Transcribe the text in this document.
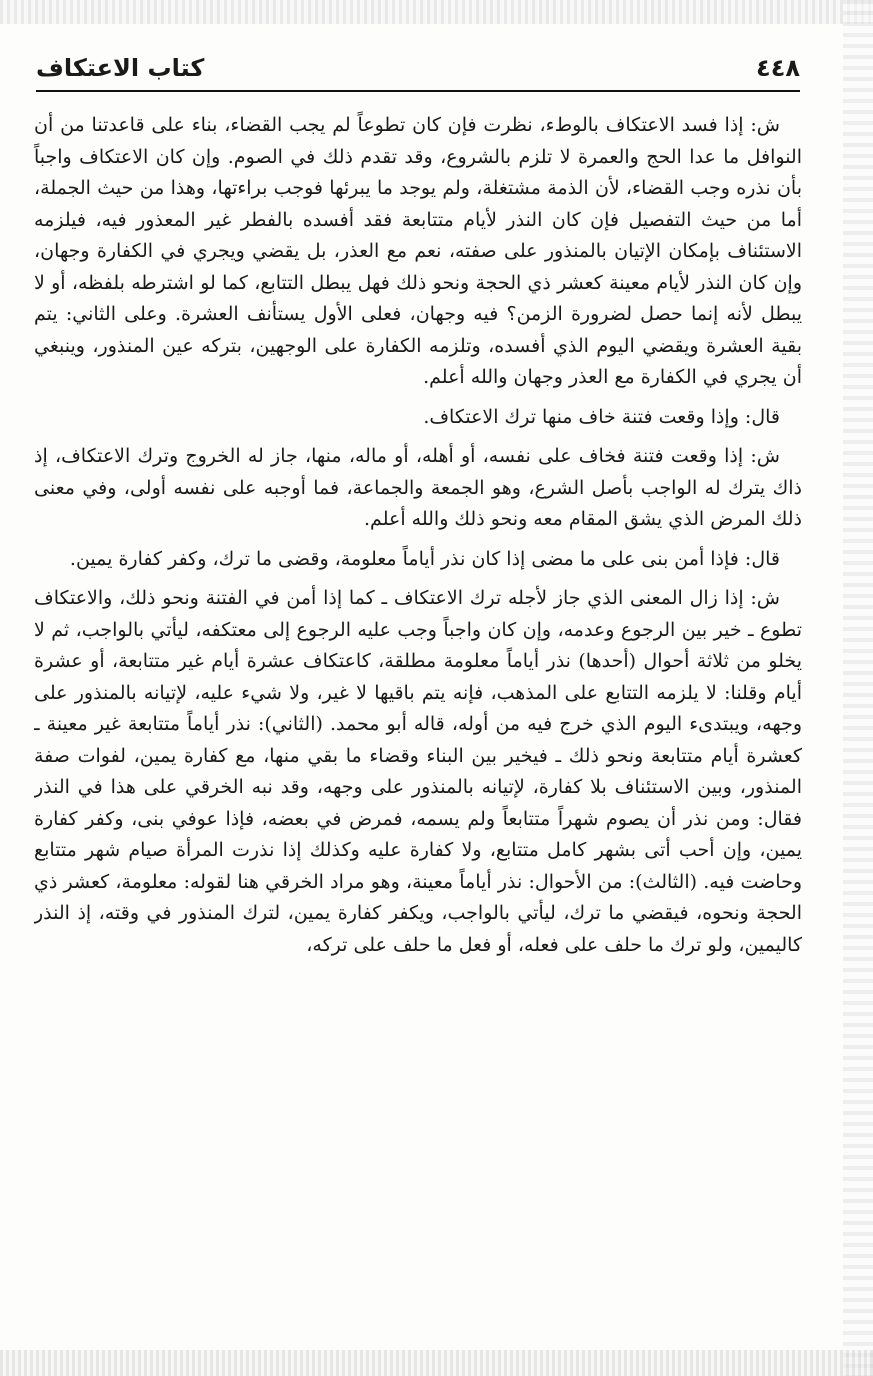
٤٤٨
كتاب الاعتكاف

ش: إذا فسد الاعتكاف بالوطء، نظرت فإن كان تطوعاً لم يجب القضاء، بناء على قاعدتنا من أن النوافل ما عدا الحج والعمرة لا تلزم بالشروع، وقد تقدم ذلك في الصوم. وإن كان الاعتكاف واجباً بأن نذره وجب القضاء، لأن الذمة مشتغلة، ولم يوجد ما يبرئها فوجب براءتها، وهذا من حيث الجملة، أما من حيث التفصيل فإن كان النذر لأيام متتابعة فقد أفسده بالفطر غير المعذور فيه، فيلزمه الاستئناف بإمكان الإتيان بالمنذور على صفته، نعم مع العذر، بل يقضي ويجري في الكفارة وجهان، وإن كان النذر لأيام معينة كعشر ذي الحجة ونحو ذلك فهل يبطل التتابع، كما لو اشترطه بلفظه، أو لا يبطل لأنه إنما حصل لضرورة الزمن؟ فيه وجهان، فعلى الأول يستأنف العشرة. وعلى الثاني: يتم بقية العشرة ويقضي اليوم الذي أفسده، وتلزمه الكفارة على الوجهين، بتركه عين المنذور، وينبغي أن يجري في الكفارة مع العذر وجهان والله أعلم.

قال: وإذا وقعت فتنة خاف منها ترك الاعتكاف.

ش: إذا وقعت فتنة فخاف على نفسه، أو أهله، أو ماله، منها، جاز له الخروج وترك الاعتكاف، إذ ذاك يترك له الواجب بأصل الشرع، وهو الجمعة والجماعة، فما أوجبه على نفسه أولى، وفي معنى ذلك المرض الذي يشق المقام معه ونحو ذلك والله أعلم.

قال: فإذا أمن بنى على ما مضى إذا كان نذر أياماً معلومة، وقضى ما ترك، وكفر كفارة يمين.

ش: إذا زال المعنى الذي جاز لأجله ترك الاعتكاف ـ كما إذا أمن في الفتنة ونحو ذلك، والاعتكاف تطوع ـ خير بين الرجوع وعدمه، وإن كان واجباً وجب عليه الرجوع إلى معتكفه، ليأتي بالواجب، ثم لا يخلو من ثلاثة أحوال (أحدها) نذر أياماً معلومة مطلقة، كاعتكاف عشرة أيام غير متتابعة، أو عشرة أيام وقلنا: لا يلزمه التتابع على المذهب، فإنه يتم باقيها لا غير، ولا شيء عليه، لإتيانه بالمنذور على وجهه، ويبتدىء اليوم الذي خرج فيه من أوله، قاله أبو محمد. (الثاني): نذر أياماً متتابعة غير معينة ـ كعشرة أيام متتابعة ونحو ذلك ـ فيخير بين البناء وقضاء ما بقي منها، مع كفارة يمين، لفوات صفة المنذور، وبين الاستئناف بلا كفارة، لإتيانه بالمنذور على وجهه، وقد نبه الخرقي على هذا في النذر فقال: ومن نذر أن يصوم شهراً متتابعاً ولم يسمه، فمرض في بعضه، فإذا عوفي بنى، وكفر كفارة يمين، وإن أحب أتى بشهر كامل متتابع، ولا كفارة عليه وكذلك إذا نذرت المرأة صيام شهر متتابع وحاضت فيه. (الثالث): من الأحوال: نذر أياماً معينة، وهو مراد الخرقي هنا لقوله: معلومة، كعشر ذي الحجة ونحوه، فيقضي ما ترك، ليأتي بالواجب، ويكفر كفارة يمين، لترك المنذور في وقته، إذ النذر كاليمين، ولو ترك ما حلف على فعله، أو فعل ما حلف على تركه،
